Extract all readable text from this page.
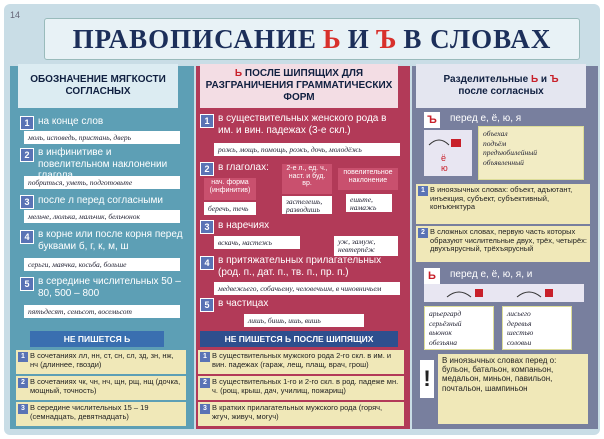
14
ПРАВОПИСАНИЕ Ь И Ъ В СЛОВАХ
ОБОЗНАЧЕНИЕ МЯГКОСТИ СОГЛАСНЫХ
Ь ПОСЛЕ ШИПЯЩИХ ДЛЯ РАЗГРАНИЧЕНИЯ ГРАММАТИЧЕСКИХ ФОРМ
Разделительные Ь и Ъ
после согласных
1 на конце слов
моль, исповедь, пристань, дверь
2 в инфинитиве и повелительном наклонении
побриться, уметь, подготовьте
3 после л перед согласными
мельче, люлька, мальчик, бельчонок
4 в корне или после корня перед буквами б, г, к, м, ш
серьги, маячка, косьба, больше
5 в середине числительных 50 – 80, 500 – 800
пятьдесят, семьсот, восемьсот
НЕ ПИШЕТСЯ Ь
1 В сочетаниях лл, нн, ст, сн, сл, зд, зн, нж, нч (длиннее, гвозди)
2 В сочетаниях чк, чн, нч, щн, рщ, нщ (дочка, мощный, точность)
3 В середине числительных 15 – 19 (семнадцать, девятнадцать)
1 в существительных женского рода в им. и вин. падежах (3-е скл.)
рожь, мощь, помощь, рожь, дочь, молодёжь
2 в глаголах:
нач. форма (инфинитив)
беречь, течь
2-е л., ед. ч., наст. и буд. вр.
застелешь, разводишь
повелительное наклонение
ешьте, намажь
3 в наречиях
вскачь, настежь	уж, замуж, невтерпёж
4 в притяжательных прилагательных (род. п., дат. п., тв. п., пр. п.)
медвежьего, собачьему, человечьим, в чиновничьем
5 в частицах
лишь, бишь, ишь, вишь
НЕ ПИШЕТСЯ Ь ПОСЛЕ ШИПЯЩИХ
1 В существительных мужского рода 2-го скл. в им. и вин. падежах (гараж, лещ, плащ, врач, грош)
2 В существительных 1-го и 2-го скл. в род. падеже мн. ч. (рощ, крыш, дач, училищ, пожарищ)
3 В кратких прилагательных мужского рода (горяч, жгуч, живуч, могуч)
Ъ	перед е, ё, ю, я
ё
ю
объехал
подъём
предъюбилейный
объявленный
1 В иноязычных словах: объект, адъютант, инъекция, субъект, субъективный, конъюнктура
2 В сложных словах, первую часть которых образуют числительные двух, трёх, четырёх: двухъярусный, трёхъярусный
Ь	перед е, ё, ю, я, и
арьергард
серьёзный
вьюнок
обезьяна
лисьего
деревья
шестью
соловьи
!
В иноязычных словах перед о: бульон, батальон, компаньон, медальон, миньон, павильон, почтальон, шампиньон
